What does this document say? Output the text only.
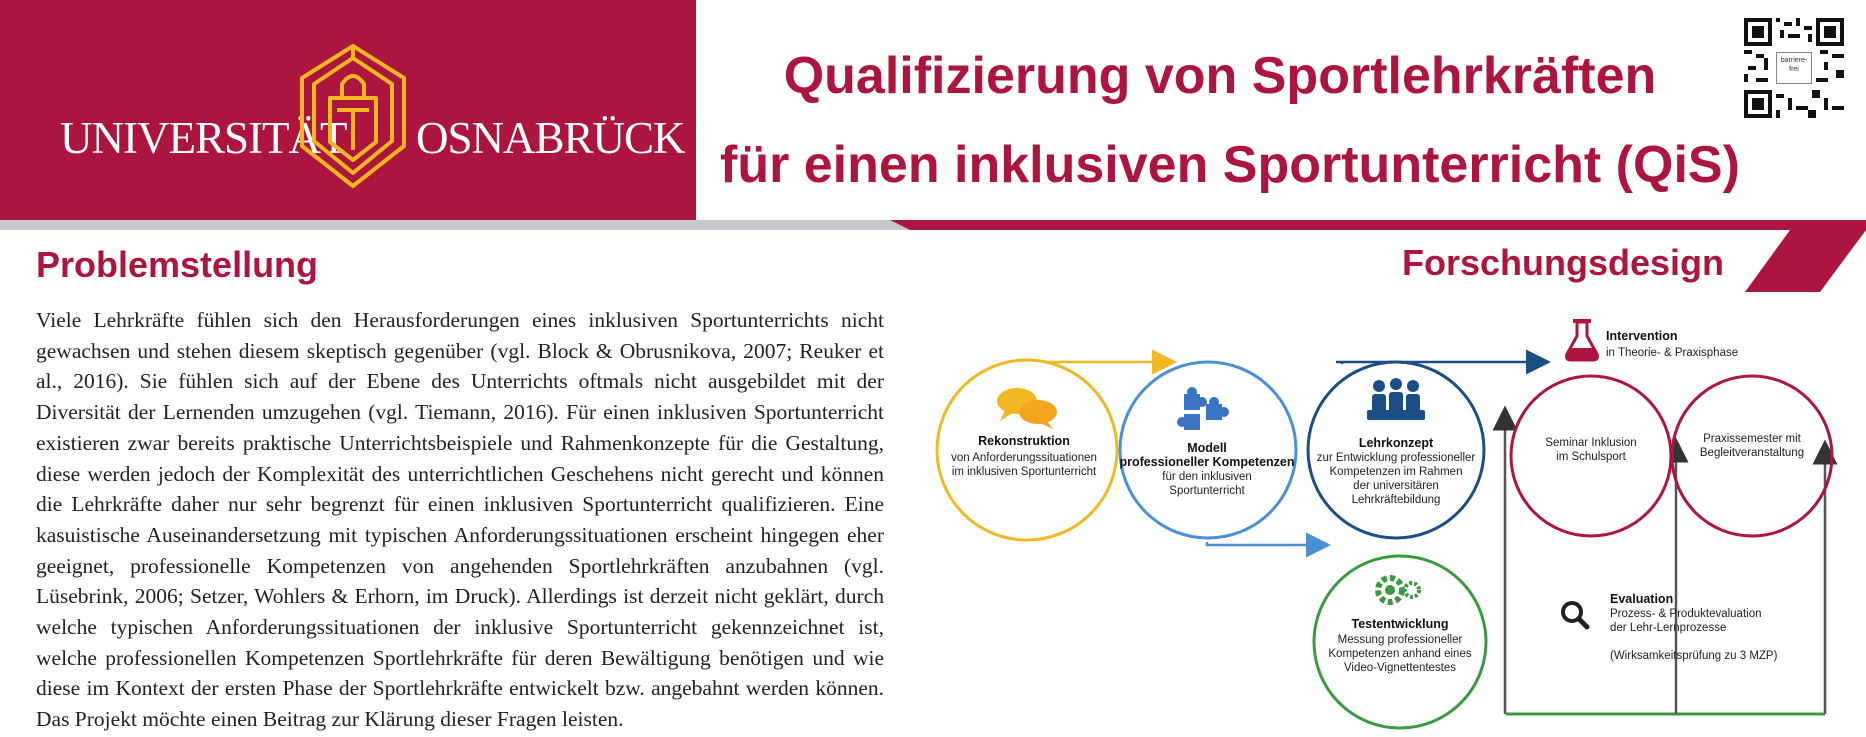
UNIVERSITÄT OSNABRÜCK
Qualifizierung von Sportlehrkräften
für einen inklusiven Sportunterricht (QiS)
barriere-frei
Problemstellung
Viele Lehrkräfte fühlen sich den Herausforderungen eines inklusiven Sportunterrichts nicht gewachsen und stehen diesem skeptisch gegenüber (vgl. Block & Obrusnikova, 2007; Reuker et al., 2016). Sie fühlen sich auf der Ebene des Unterrichts oftmals nicht ausgebildet mit der Diversität der Lernenden umzugehen (vgl. Tiemann, 2016). Für einen inklusiven Sportunterricht existieren zwar bereits praktische Unterrichtsbeispiele und Rahmenkonzepte für die Gestaltung, diese werden jedoch der Komplexität des unterrichtlichen Geschehens nicht gerecht und können die Lehrkräfte daher nur sehr begrenzt für einen inklusiven Sportunterricht qualifizieren. Eine kasuistische Auseinandersetzung mit typischen Anforderungssituationen erscheint hingegen eher geeignet, professionelle Kompetenzen von angehenden Sportlehrkräften anzubahnen (vgl. Lüsebrink, 2006; Setzer, Wohlers & Erhorn, im Druck). Allerdings ist derzeit nicht geklärt, durch welche typischen Anforderungssituationen der inklusive Sportunterricht gekennzeichnet ist, welche professionellen Kompetenzen Sportlehrkräfte für deren Bewältigung benötigen und wie diese im Kontext der ersten Phase der Sportlehrkräfte entwickelt bzw. angebahnt werden können. Das Projekt möchte einen Beitrag zur Klärung dieser Fragen leisten.
Forschungsdesign
Rekonstruktion
von Anforderungssituationen
im inklusiven Sportunterricht
Modell
professioneller Kompetenzen
für den inklusiven
Sportunterricht
Lehrkonzept
zur Entwicklung professioneller
Kompetenzen im Rahmen
der universitären
Lehrkräftebildung
Testentwicklung
Messung professioneller
Kompetenzen anhand eines
Video-Vignettentestes
Intervention
in Theorie- & Praxisphase
Seminar Inklusion
im Schulsport
Praxissemester mit
Begleitveranstaltung
Evaluation
Prozess- & Produktevaluation
der Lehr-Lernprozesse
(Wirksamkeitsprüfung zu 3 MZP)
